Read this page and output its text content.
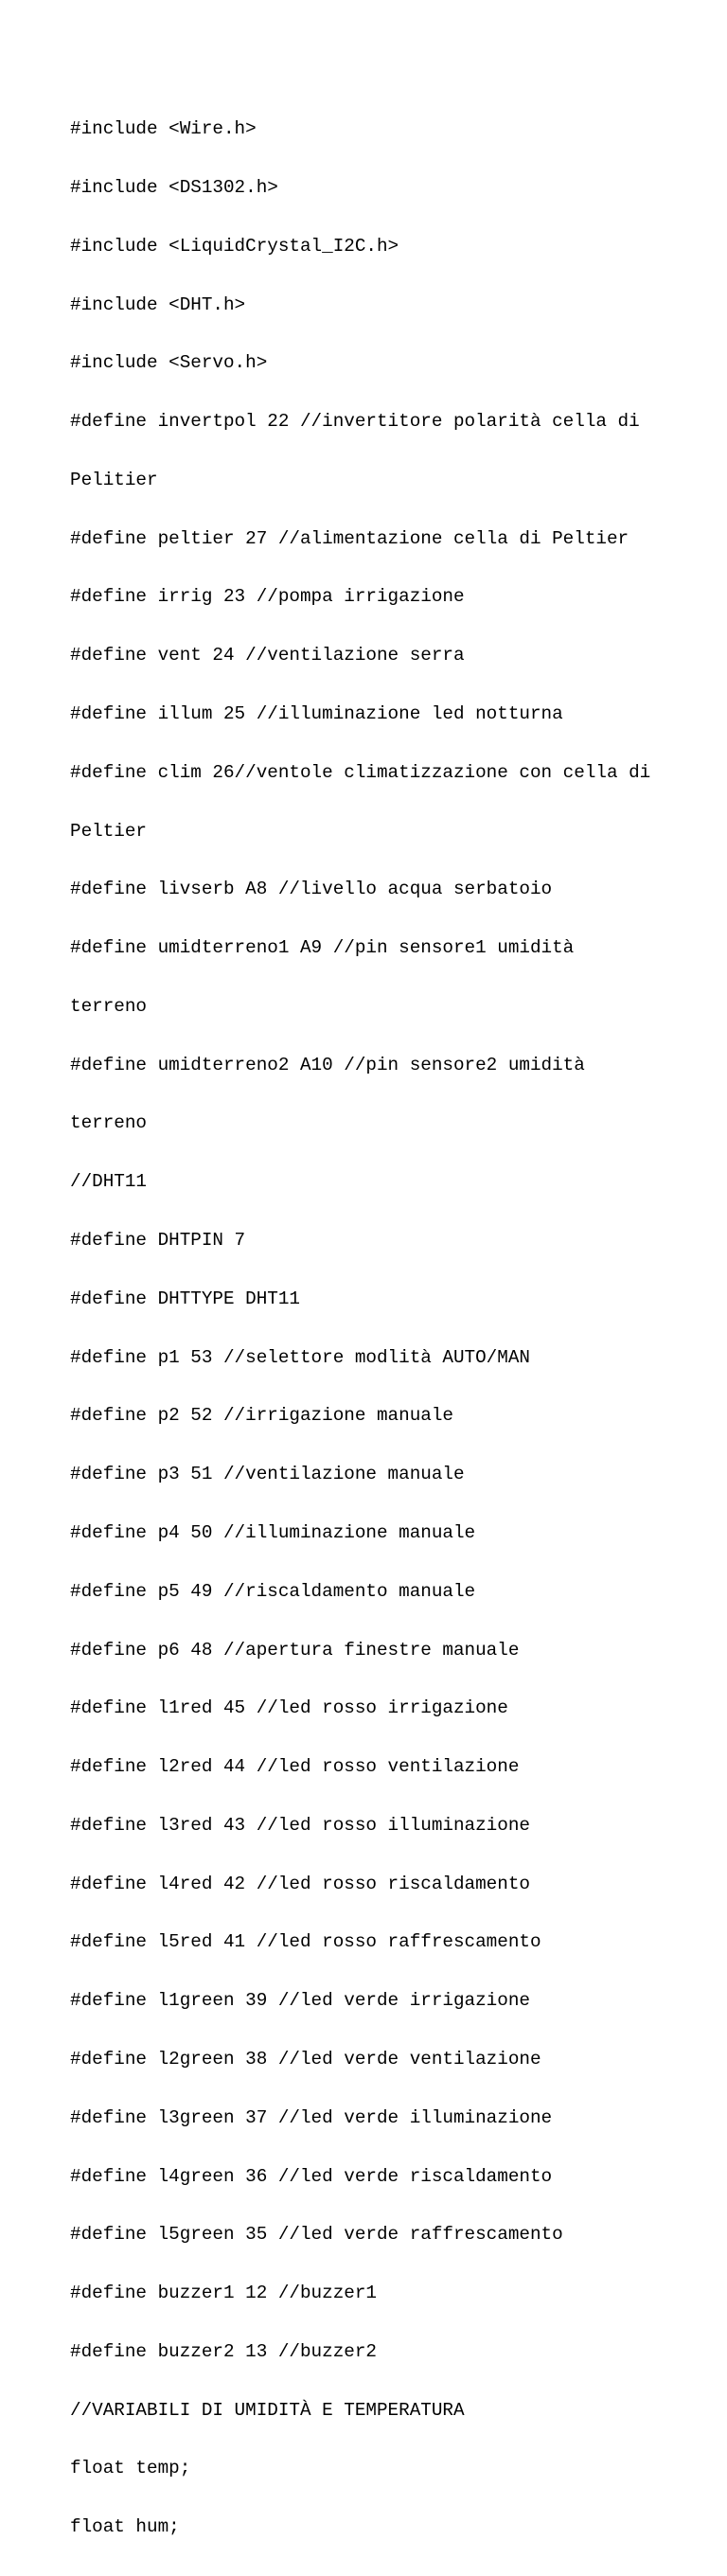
#include <Wire.h>

#include <DS1302.h>

#include <LiquidCrystal_I2C.h>

#include <DHT.h>

#include <Servo.h>

#define invertpol 22 //invertitore polarità cella di

Pelitier

#define peltier 27 //alimentazione cella di Peltier

#define irrig 23 //pompa irrigazione

#define vent 24 //ventilazione serra

#define illum 25 //illuminazione led notturna

#define clim 26//ventole climatizzazione con cella di

Peltier

#define livserb A8 //livello acqua serbatoio

#define umidterreno1 A9 //pin sensore1 umidità

terreno

#define umidterreno2 A10 //pin sensore2 umidità

terreno

//DHT11

#define DHTPIN 7

#define DHTTYPE DHT11

#define p1 53 //selettore modlità AUTO/MAN

#define p2 52 //irrigazione manuale

#define p3 51 //ventilazione manuale

#define p4 50 //illuminazione manuale

#define p5 49 //riscaldamento manuale

#define p6 48 //apertura finestre manuale

#define l1red 45 //led rosso irrigazione

#define l2red 44 //led rosso ventilazione

#define l3red 43 //led rosso illuminazione

#define l4red 42 //led rosso riscaldamento

#define l5red 41 //led rosso raffrescamento

#define l1green 39 //led verde irrigazione

#define l2green 38 //led verde ventilazione

#define l3green 37 //led verde illuminazione

#define l4green 36 //led verde riscaldamento

#define l5green 35 //led verde raffrescamento

#define buzzer1 12 //buzzer1

#define buzzer2 13 //buzzer2

//VARIABILI DI UMIDITÀ E TEMPERATURA

float temp;

float hum;
